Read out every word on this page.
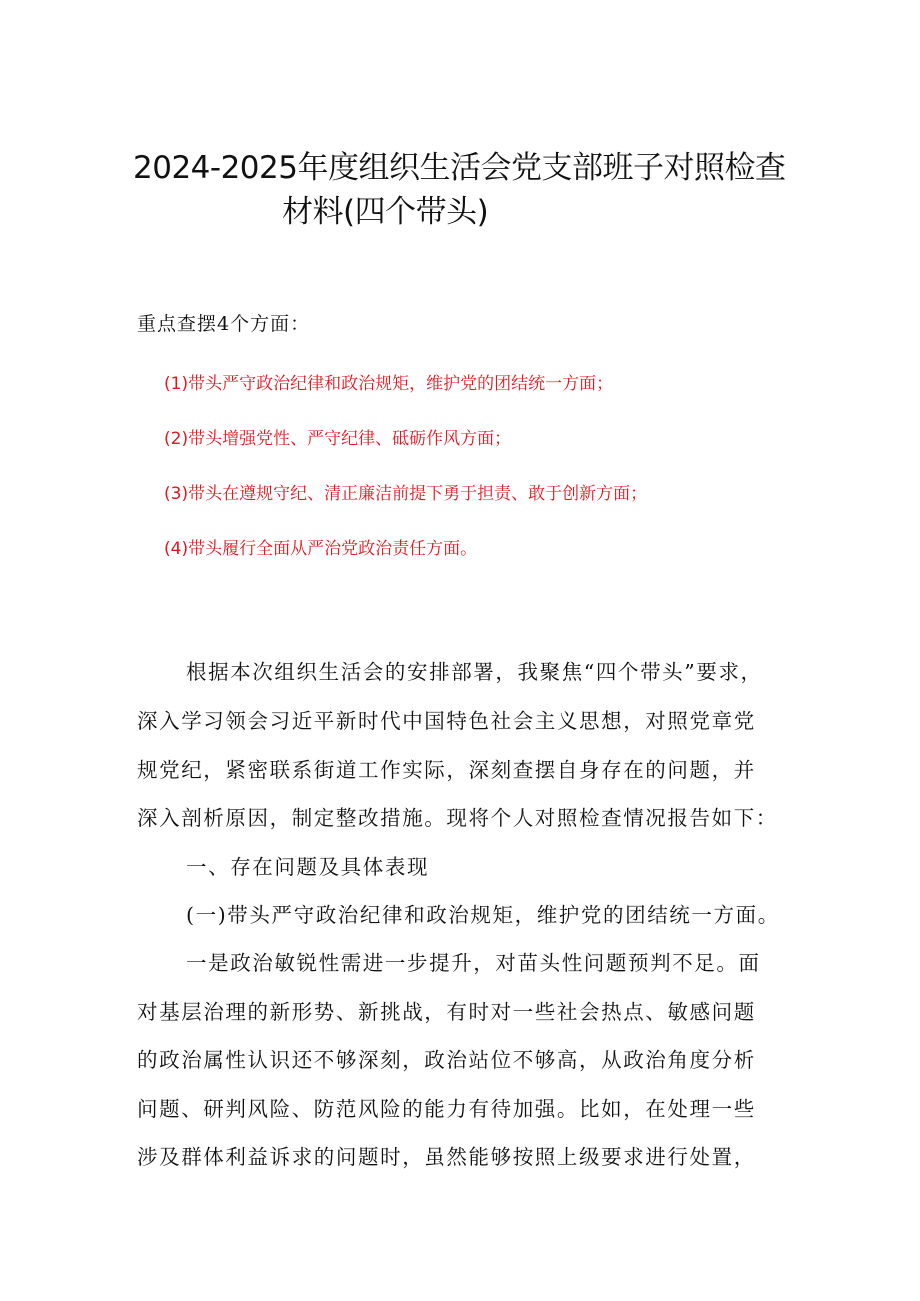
2024-2025年度组织生活会党支部班子对照检查
材料(四个带头)
重点查摆4个方面：
(1)带头严守政治纪律和政治规矩，维护党的团结统一方面；
(2)带头增强党性、严守纪律、砥砺作风方面；
(3)带头在遵规守纪、清正廉洁前提下勇于担责、敢于创新方面；
(4)带头履行全面从严治党政治责任方面。
根据本次组织生活会的安排部署，我聚焦“四个带头”要求，
深入学习领会习近平新时代中国特色社会主义思想，对照党章党
规党纪，紧密联系街道工作实际，深刻查摆自身存在的问题，并
深入剖析原因，制定整改措施。现将个人对照检查情况报告如下：
一、存在问题及具体表现
(一)带头严守政治纪律和政治规矩，维护党的团结统一方面。
一是政治敏锐性需进一步提升，对苗头性问题预判不足。面
对基层治理的新形势、新挑战，有时对一些社会热点、敏感问题
的政治属性认识还不够深刻，政治站位不够高，从政治角度分析
问题、研判风险、防范风险的能力有待加强。比如，在处理一些
涉及群体利益诉求的问题时，虽然能够按照上级要求进行处置，
